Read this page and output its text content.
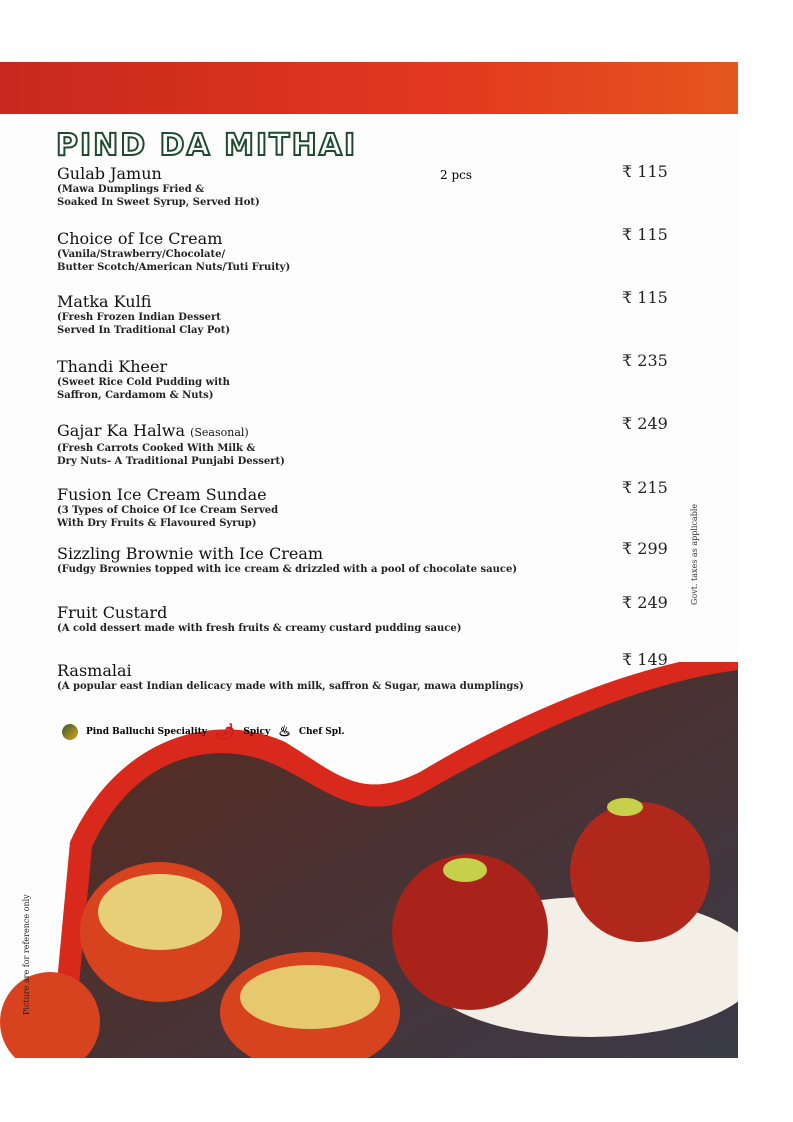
PIND DA MITHAI
Gulab Jamun
(Mawa Dumplings Fried &
Soaked In Sweet Syrup, Served Hot)
2 pcs	₹ 115
Choice of Ice Cream
(Vanila/Strawberry/Chocolate/
Butter Scotch/American Nuts/Tuti Fruity)
₹ 115
Matka Kulfi
(Fresh Frozen Indian Dessert
Served In Traditional Clay Pot)
₹ 115
Thandi Kheer
(Sweet Rice Cold Pudding with
Saffron, Cardamom & Nuts)
₹ 235
Gajar Ka Halwa (Seasonal)
(Fresh Carrots Cooked With Milk &
Dry Nuts- A Traditional Punjabi Dessert)
₹ 249
Fusion Ice Cream Sundae
(3 Types of Choice Of Ice Cream Served
With Dry Fruits & Flavoured Syrup)
₹ 215
Sizzling Brownie with Ice Cream
(Fudgy Brownies topped with ice cream & drizzled with a pool of chocolate sauce)
₹ 299
Fruit Custard
(A cold dessert made with fresh fruits & creamy custard pudding sauce)
₹ 249
Rasmalai
(A popular east Indian delicacy made with milk, saffron & Sugar, mawa dumplings)
₹ 149
Pind Balluchi Speciality 🌶 Spicy ♨ Chef Spl.
Govt. taxes as applicable
Picture are for reference only
